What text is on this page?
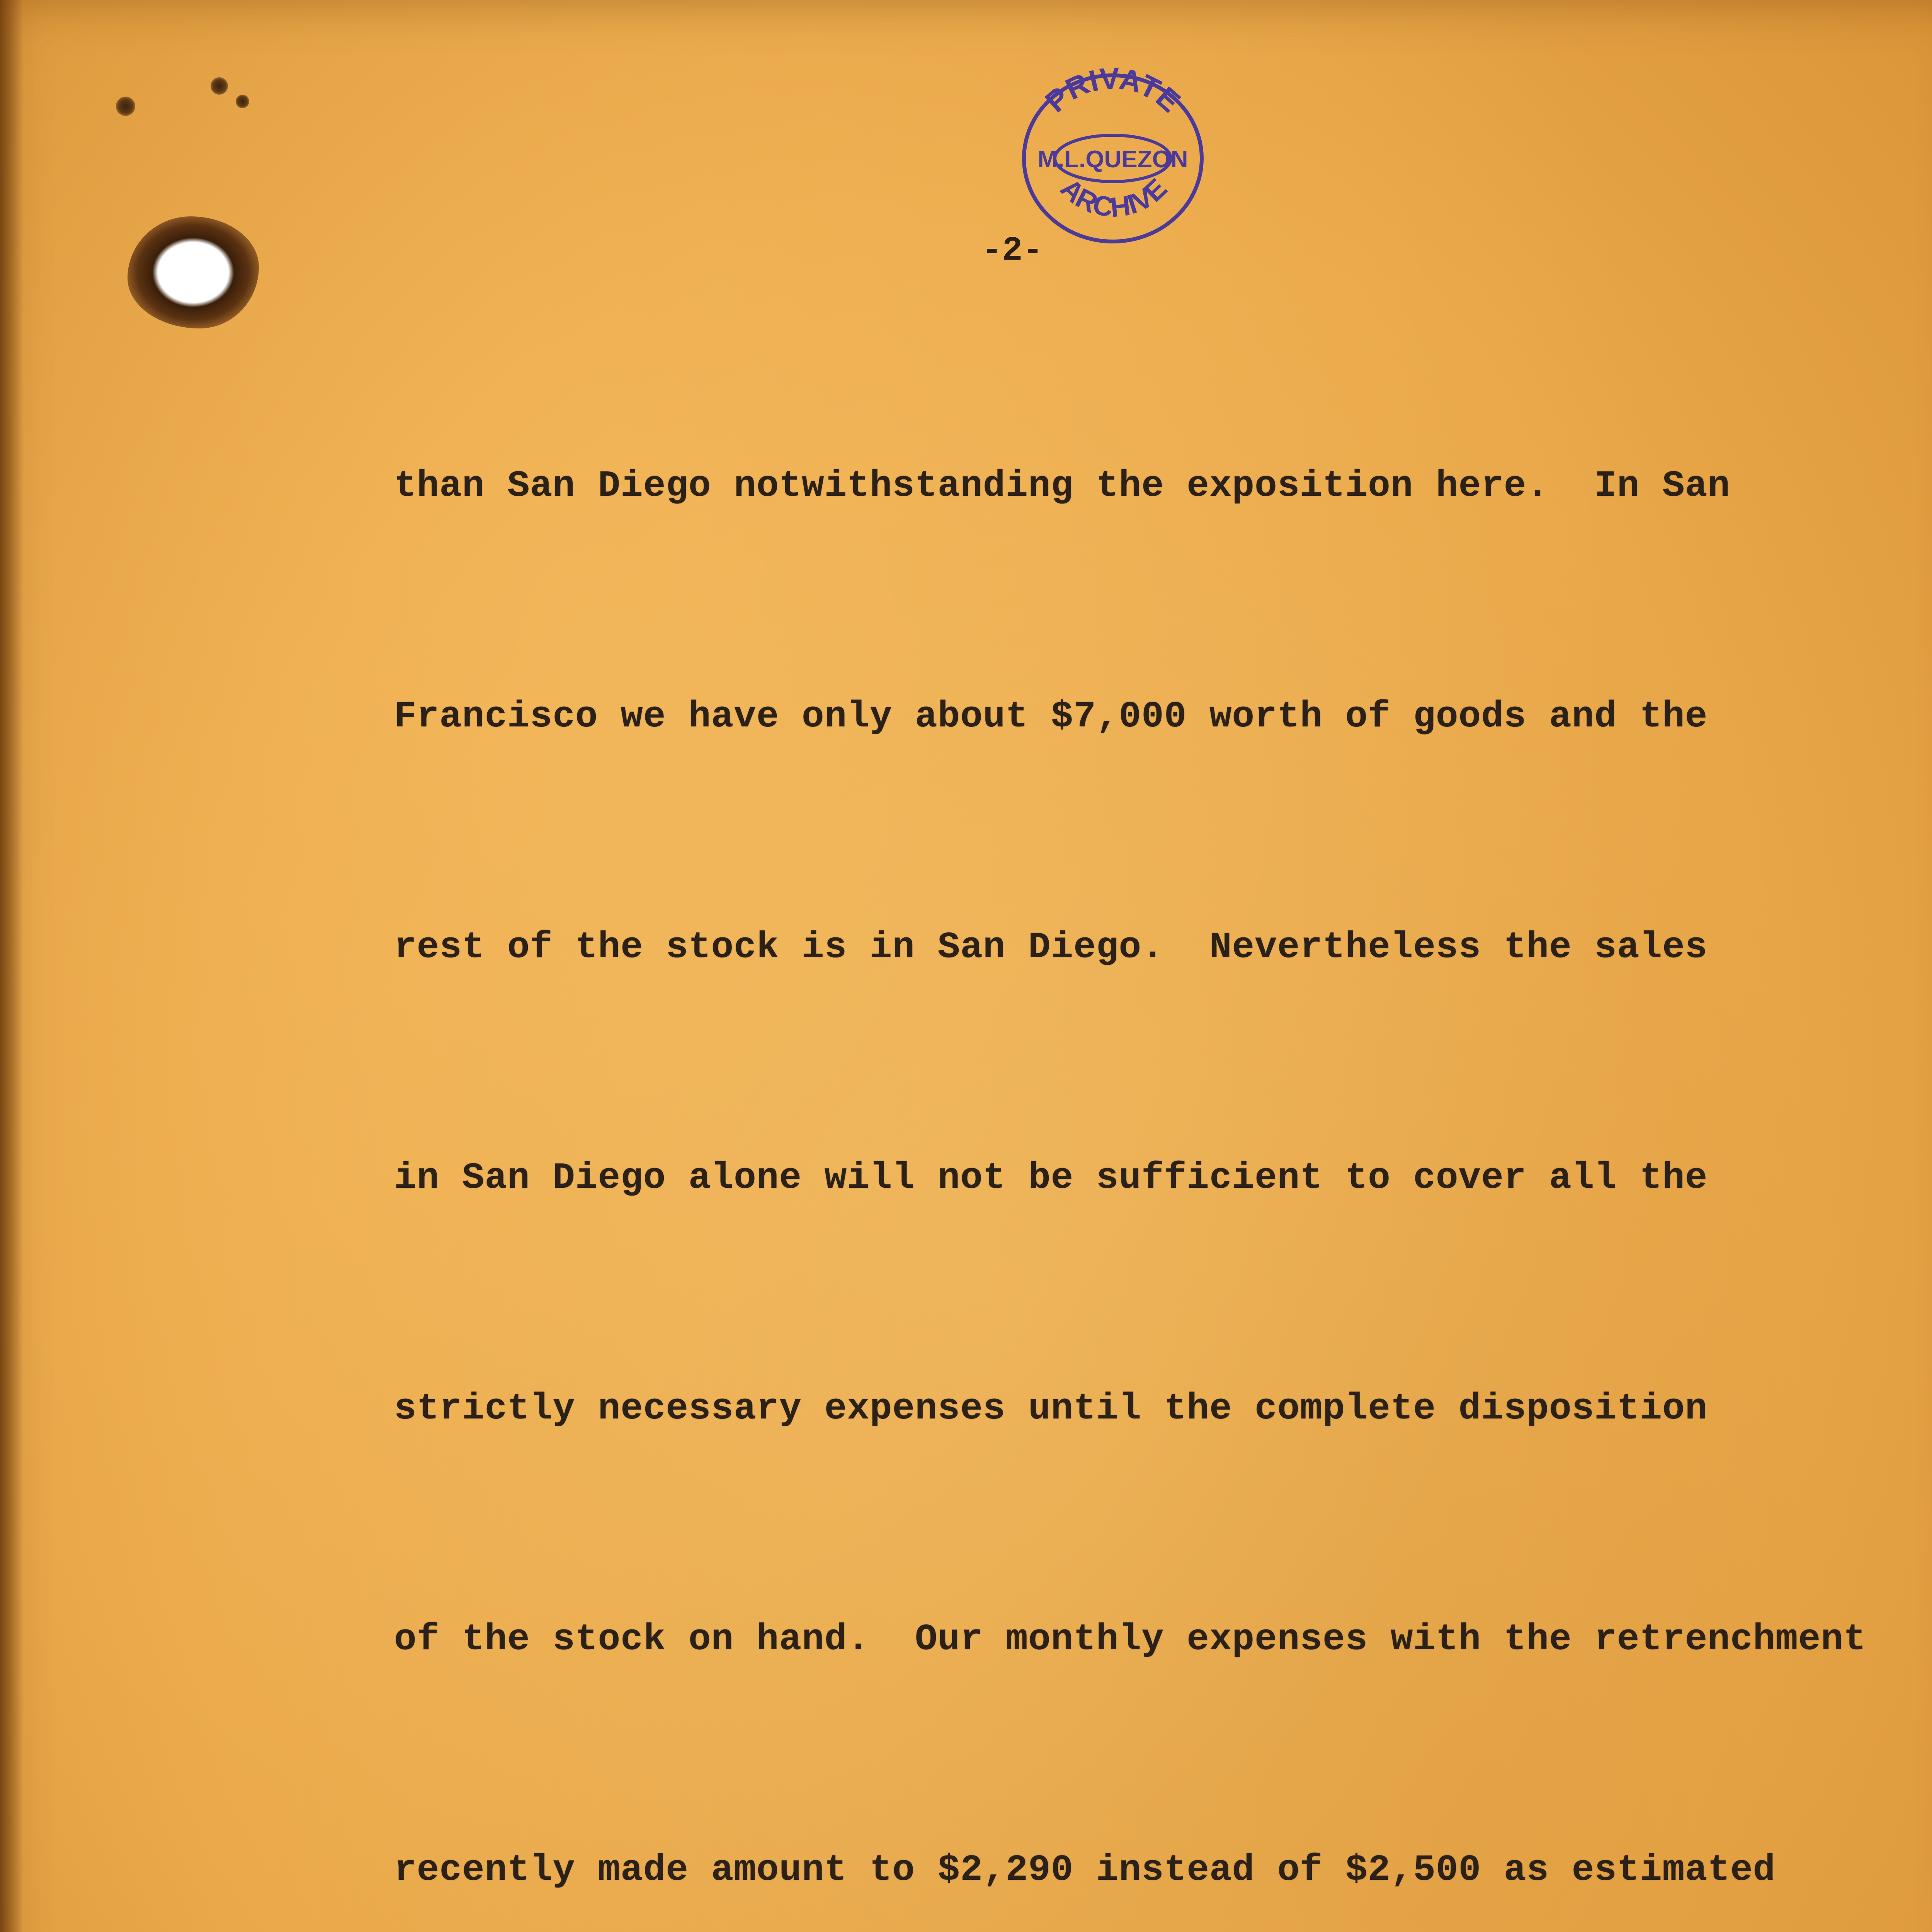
PRIVATE
M.L.QUEZON
ARCHIVE
-2-

than San Diego notwithstanding the exposition here.  In San

Francisco we have only about $7,000 worth of goods and the

rest of the stock is in San Diego.  Nevertheless the sales

in San Diego alone will not be sufficient to cover all the

strictly necessary expenses until the complete disposition

of the stock on hand.  Our monthly expenses with the retrenchment

recently made amount to $2,290 instead of $2,500 as estimated
